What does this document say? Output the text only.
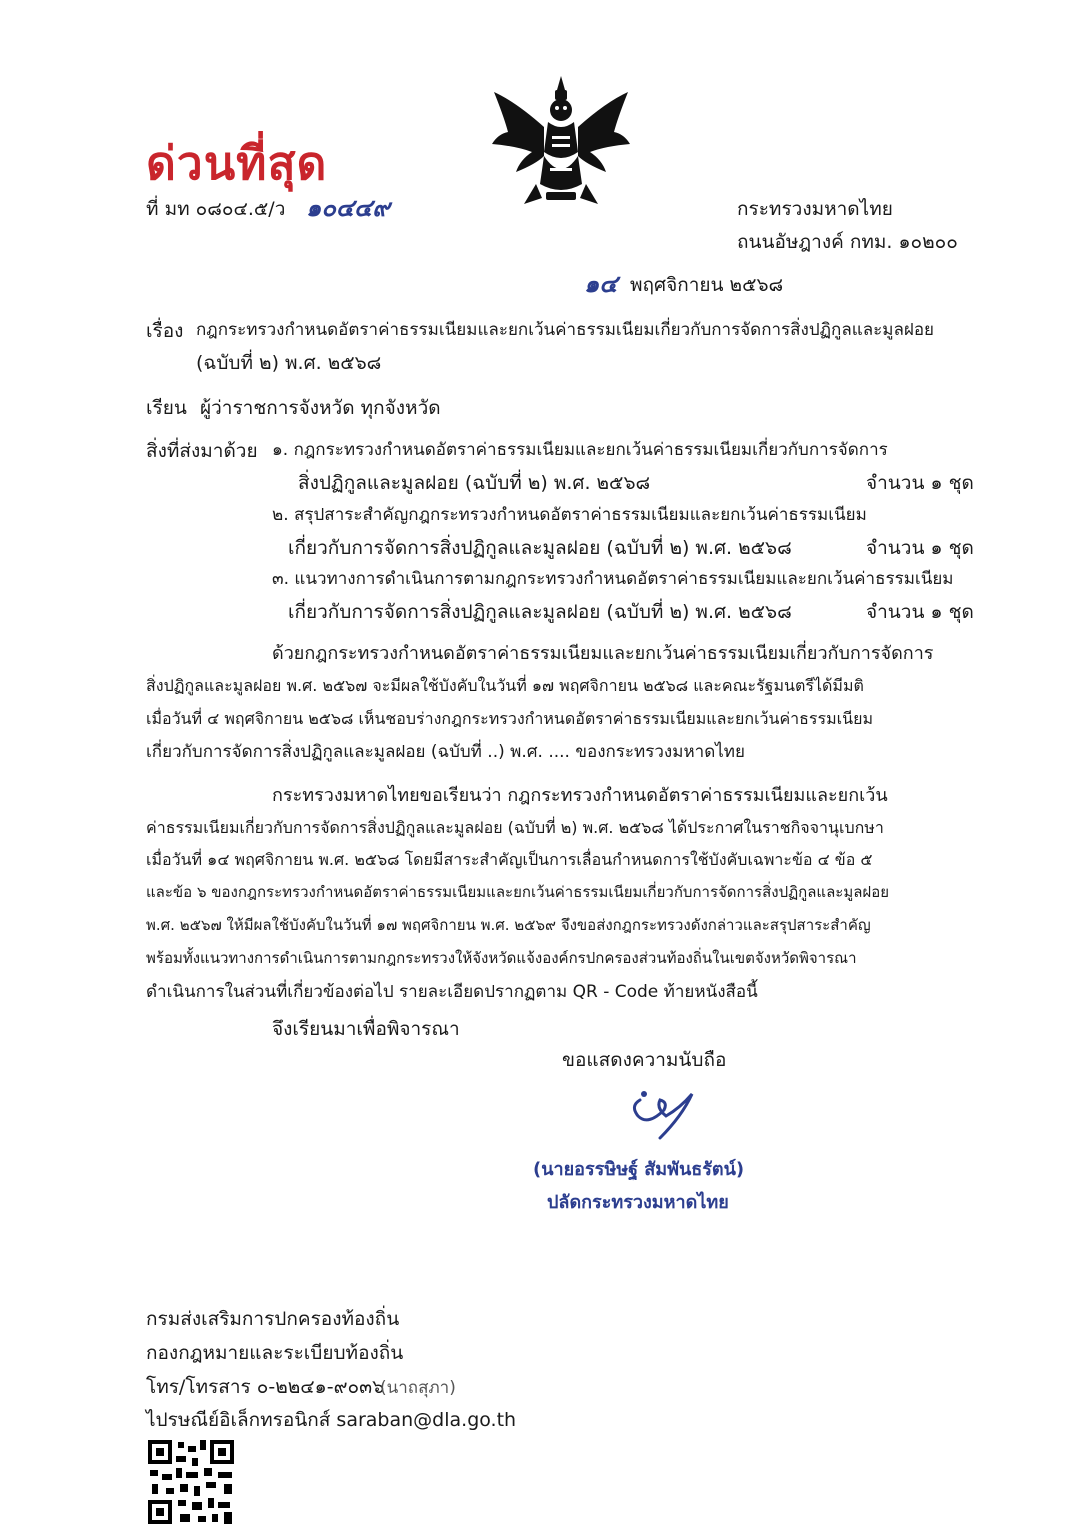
ด่วนที่สุด
ที่ มท ๐๘๐๔.๕/ว ๑๐๔๔๙	กระทรวงมหาดไทย
ถนนอัษฎางค์ กทม. ๑๐๒๐๐
๑๔ พฤศจิกายน ๒๕๖๘
เรื่อง กฎกระทรวงกำหนดอัตราค่าธรรมเนียมและยกเว้นค่าธรรมเนียมเกี่ยวกับการจัดการสิ่งปฏิกูลและมูลฝอย
(ฉบับที่ ๒) พ.ศ. ๒๕๖๘
เรียน ผู้ว่าราชการจังหวัด ทุกจังหวัด
สิ่งที่ส่งมาด้วย ๑. กฎกระทรวงกำหนดอัตราค่าธรรมเนียมและยกเว้นค่าธรรมเนียมเกี่ยวกับการจัดการ
สิ่งปฏิกูลและมูลฝอย (ฉบับที่ ๒) พ.ศ. ๒๕๖๘	จำนวน ๑ ชุด
๒. สรุปสาระสำคัญกฎกระทรวงกำหนดอัตราค่าธรรมเนียมและยกเว้นค่าธรรมเนียม
เกี่ยวกับการจัดการสิ่งปฏิกูลและมูลฝอย (ฉบับที่ ๒) พ.ศ. ๒๕๖๘	จำนวน ๑ ชุด
๓. แนวทางการดำเนินการตามกฎกระทรวงกำหนดอัตราค่าธรรมเนียมและยกเว้นค่าธรรมเนียม
เกี่ยวกับการจัดการสิ่งปฏิกูลและมูลฝอย (ฉบับที่ ๒) พ.ศ. ๒๕๖๘	จำนวน ๑ ชุด
ด้วยกฎกระทรวงกำหนดอัตราค่าธรรมเนียมและยกเว้นค่าธรรมเนียมเกี่ยวกับการจัดการ
สิ่งปฏิกูลและมูลฝอย พ.ศ. ๒๕๖๗ จะมีผลใช้บังคับในวันที่ ๑๗ พฤศจิกายน ๒๕๖๘ และคณะรัฐมนตรีได้มีมติ
เมื่อวันที่ ๔ พฤศจิกายน ๒๕๖๘ เห็นชอบร่างกฎกระทรวงกำหนดอัตราค่าธรรมเนียมและยกเว้นค่าธรรมเนียม
เกี่ยวกับการจัดการสิ่งปฏิกูลและมูลฝอย (ฉบับที่ ..) พ.ศ. .... ของกระทรวงมหาดไทย
กระทรวงมหาดไทยขอเรียนว่า กฎกระทรวงกำหนดอัตราค่าธรรมเนียมและยกเว้น
ค่าธรรมเนียมเกี่ยวกับการจัดการสิ่งปฏิกูลและมูลฝอย (ฉบับที่ ๒) พ.ศ. ๒๕๖๘ ได้ประกาศในราชกิจจานุเบกษา
เมื่อวันที่ ๑๔ พฤศจิกายน พ.ศ. ๒๕๖๘ โดยมีสาระสำคัญเป็นการเลื่อนกำหนดการใช้บังคับเฉพาะข้อ ๔ ข้อ ๕
และข้อ ๖ ของกฎกระทรวงกำหนดอัตราค่าธรรมเนียมและยกเว้นค่าธรรมเนียมเกี่ยวกับการจัดการสิ่งปฏิกูลและมูลฝอย
พ.ศ. ๒๕๖๗ ให้มีผลใช้บังคับในวันที่ ๑๗ พฤศจิกายน พ.ศ. ๒๕๖๙ จึงขอส่งกฎกระทรวงดังกล่าวและสรุปสาระสำคัญ
พร้อมทั้งแนวทางการดำเนินการตามกฎกระทรวงให้จังหวัดแจ้งองค์กรปกครองส่วนท้องถิ่นในเขตจังหวัดพิจารณา
ดำเนินการในส่วนที่เกี่ยวข้องต่อไป รายละเอียดปรากฏตาม QR - Code ท้ายหนังสือนี้
จึงเรียนมาเพื่อพิจารณา
ขอแสดงความนับถือ
(นายอรรษิษฐ์ สัมพันธรัตน์)
ปลัดกระทรวงมหาดไทย
กรมส่งเสริมการปกครองท้องถิ่น
กองกฎหมายและระเบียบท้องถิ่น
โทร/โทรสาร ๐-๒๒๔๑-๙๐๓๖
(นาถสุภา)
ไปรษณีย์อิเล็กทรอนิกส์ saraban@dla.go.th
